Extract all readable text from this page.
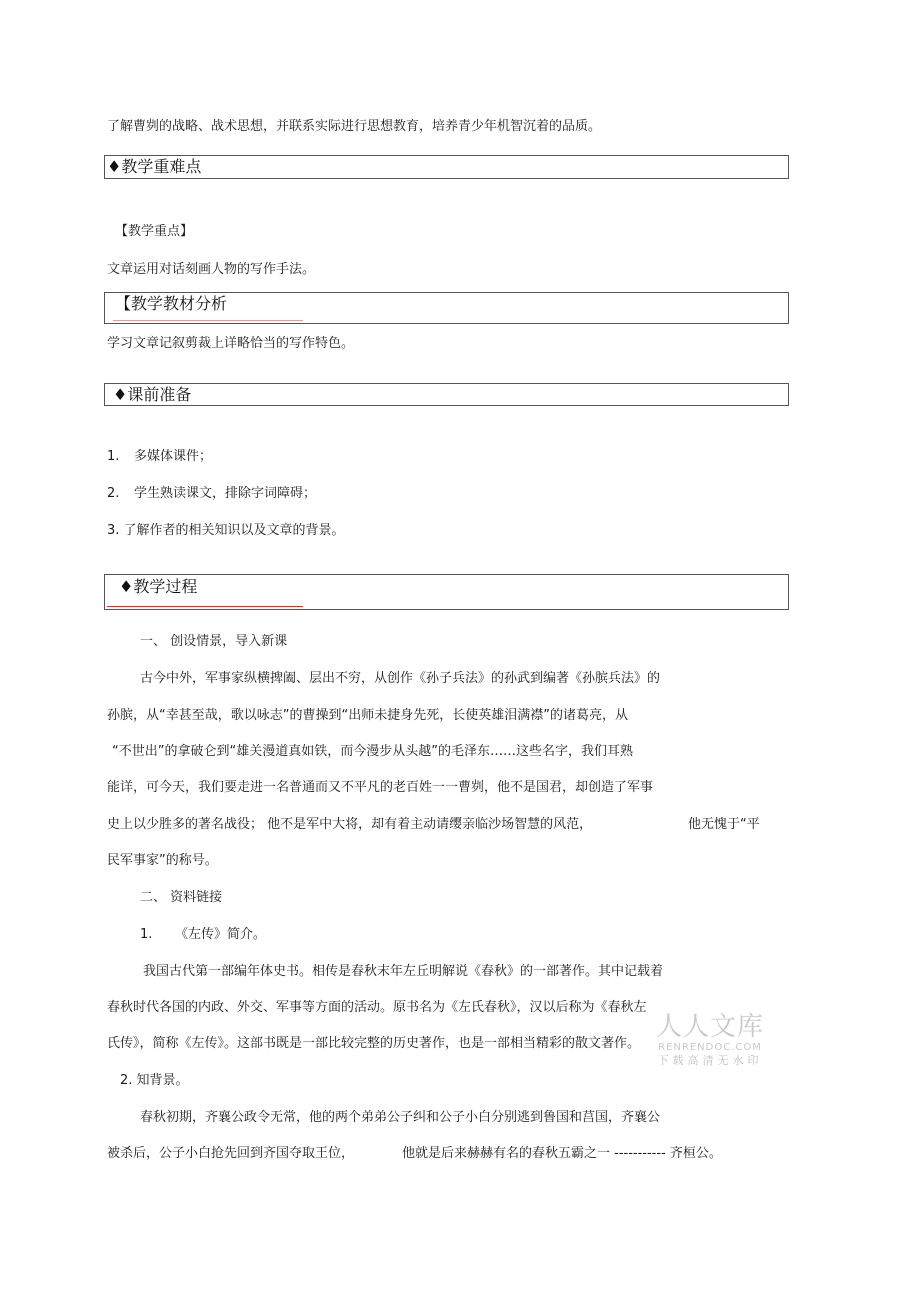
了解曹刿的战略、战术思想，并联系实际进行思想教育，培养青少年机智沉着的品质。
♦教学重难点
【教学重点】
文章运用对话刻画人物的写作手法。
【教学教材分析
学习文章记叙剪裁上详略恰当的写作特色。
♦课前准备
1. 多媒体课件；
2. 学生熟读课文，排除字词障碍；
3. 了解作者的相关知识以及文章的背景。
♦教学过程
一、 创设情景，导入新课
古今中外，军事家纵横捭阖、层出不穷，从创作《孙子兵法》的孙武到编著《孙膑兵法》的
孙膑，从“幸甚至哉，歌以咏志”的曹操到“出师未捷身先死，长使英雄泪满襟”的诸葛亮，从
“不世出”的拿破仑到“雄关漫道真如铁，而今漫步从头越”的毛泽东……这些名字，我们耳熟
能详，可今天，我们要走进一名普通而又不平凡的老百姓一一曹刿，他不是国君，却创造了军事
史上以少胜多的著名战役； 他不是军中大将，却有着主动请缨亲临沙场智慧的风范，	他无愧于“平
民军事家”的称号。
二、 资料链接
1. 《左传》简介。
我国古代第一部编年体史书。相传是春秋末年左丘明解说《春秋》的一部著作。其中记载着
春秋时代各国的内政、外交、军事等方面的活动。原书名为《左氏春秋》，汉以后称为《春秋左
氏传》，简称《左传》。这部书既是一部比较完整的历史著作，也是一部相当精彩的散文著作。
2. 知背景。
春秋初期，齐襄公政令无常，他的两个弟弟公子纠和公子小白分别逃到鲁国和莒国，齐襄公
被杀后，公子小白抢先回到齐国夺取王位，	他就是后来赫赫有名的春秋五霸之一 ----------- 齐桓公。
人人文库
RENRENDOC.COM
下载高清无水印
